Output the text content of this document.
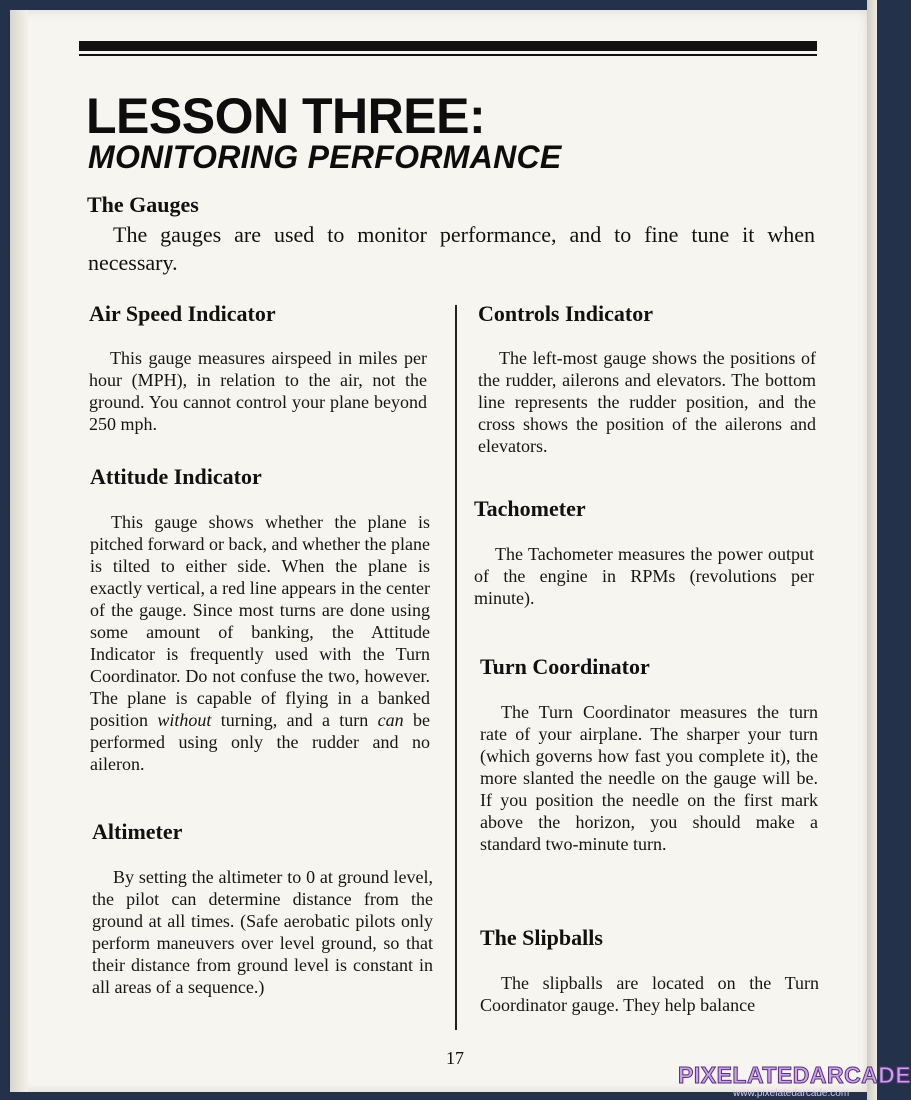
LESSON THREE:
MONITORING PERFORMANCE
The Gauges

The gauges are used to monitor performance, and to fine tune it when necessary.

Air Speed Indicator

This gauge measures airspeed in miles per hour (MPH), in relation to the air, not the ground. You cannot control your plane beyond 250 mph.

Attitude Indicator

This gauge shows whether the plane is pitched forward or back, and whether the plane is tilted to either side. When the plane is exactly vertical, a red line appears in the center of the gauge. Since most turns are done using some amount of banking, the Attitude Indicator is frequently used with the Turn Coordinator. Do not confuse the two, however. The plane is capable of flying in a banked position without turning, and a turn can be performed using only the rudder and no aileron.

Altimeter

By setting the altimeter to 0 at ground level, the pilot can determine distance from the ground at all times. (Safe aerobatic pilots only perform maneuvers over level ground, so that their distance from ground level is constant in all areas of a sequence.)

Controls Indicator

The left-most gauge shows the positions of the rudder, ailerons and elevators. The bottom line represents the rudder position, and the cross shows the position of the ailerons and elevators.

Tachometer

The Tachometer measures the power output of the engine in RPMs (revolutions per minute).

Turn Coordinator

The Turn Coordinator measures the turn rate of your airplane. The sharper your turn (which governs how fast you complete it), the more slanted the needle on the gauge will be. If you position the needle on the first mark above the horizon, you should make a standard two-minute turn.

The Slipballs

The slipballs are located on the Turn Coordinator gauge. They help balance

17

PIXELATEDARCADE

www.pixelatedarcade.com
